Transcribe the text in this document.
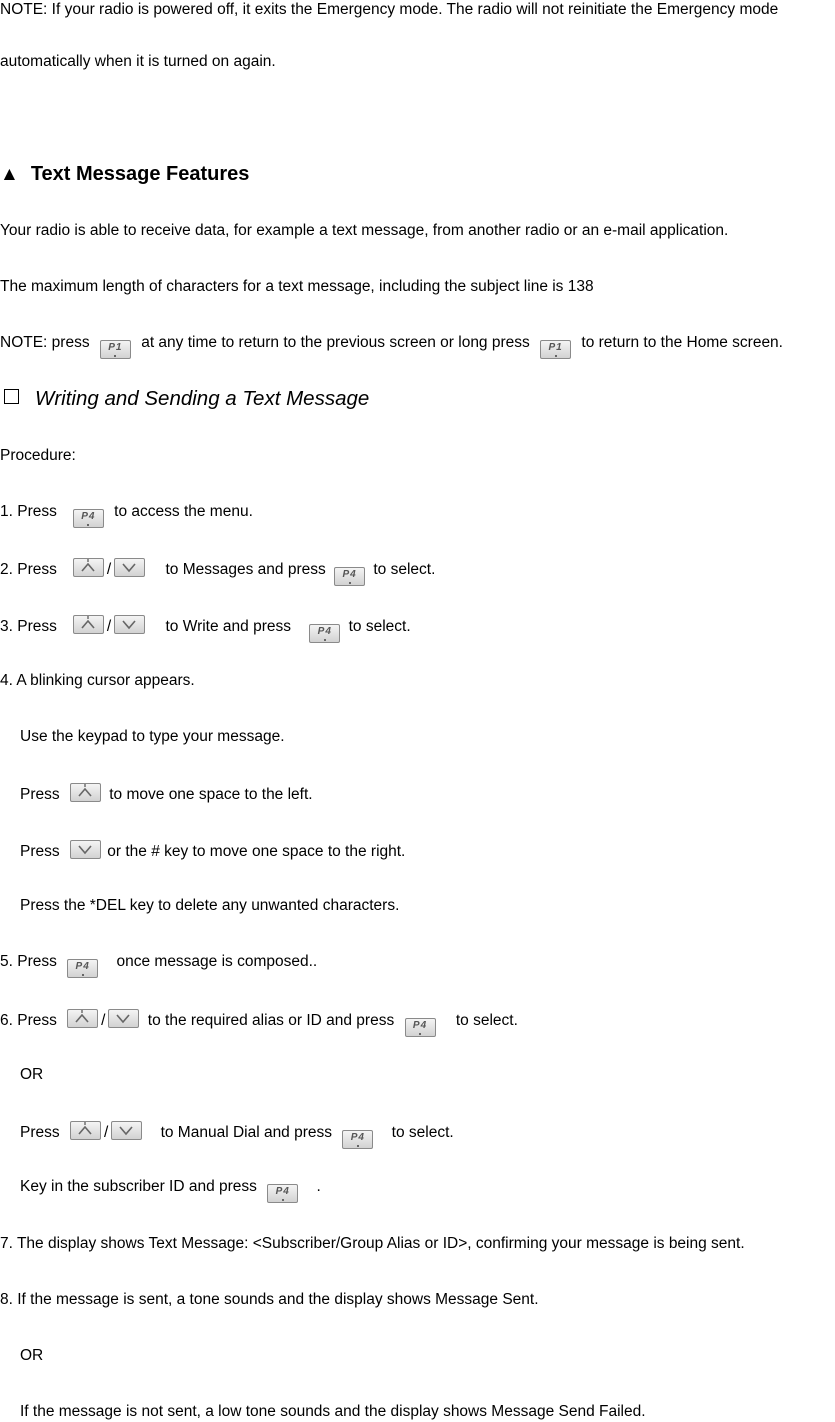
NOTE: If your radio is powered off, it exits the Emergency mode. The radio will not reinitiate the Emergency mode
automatically when it is turned on again.
▲ Text Message Features
Your radio is able to receive data, for example a text message, from another radio or an e-mail application.
The maximum length of characters for a text message, including the subject line is 138
NOTE: press P1 at any time to return to the previous screen or long press P1 to return to the Home screen.
Writing and Sending a Text Message
Procedure:
1. Press P4 to access the menu.
2. Press	/	to Messages and press P4 to select.
3. Press	/	to Write and press	P4 to select.
4. A blinking cursor appears.
Use the keypad to type your message.
Press	to move one space to the left.
Press	or the # key to move one space to the right.
Press the *DEL key to delete any unwanted characters.
5. Press P4 once message is composed..
6. Press	/	to the required alias or ID and press P4 to select.
OR
Press	/	to Manual Dial and press P4 to select.
Key in the subscriber ID and press P4 .
7. The display shows Text Message: <Subscriber/Group Alias or ID>, confirming your message is being sent.
8. If the message is sent, a tone sounds and the display shows Message Sent.
OR
If the message is not sent, a low tone sounds and the display shows Message Send Failed.
